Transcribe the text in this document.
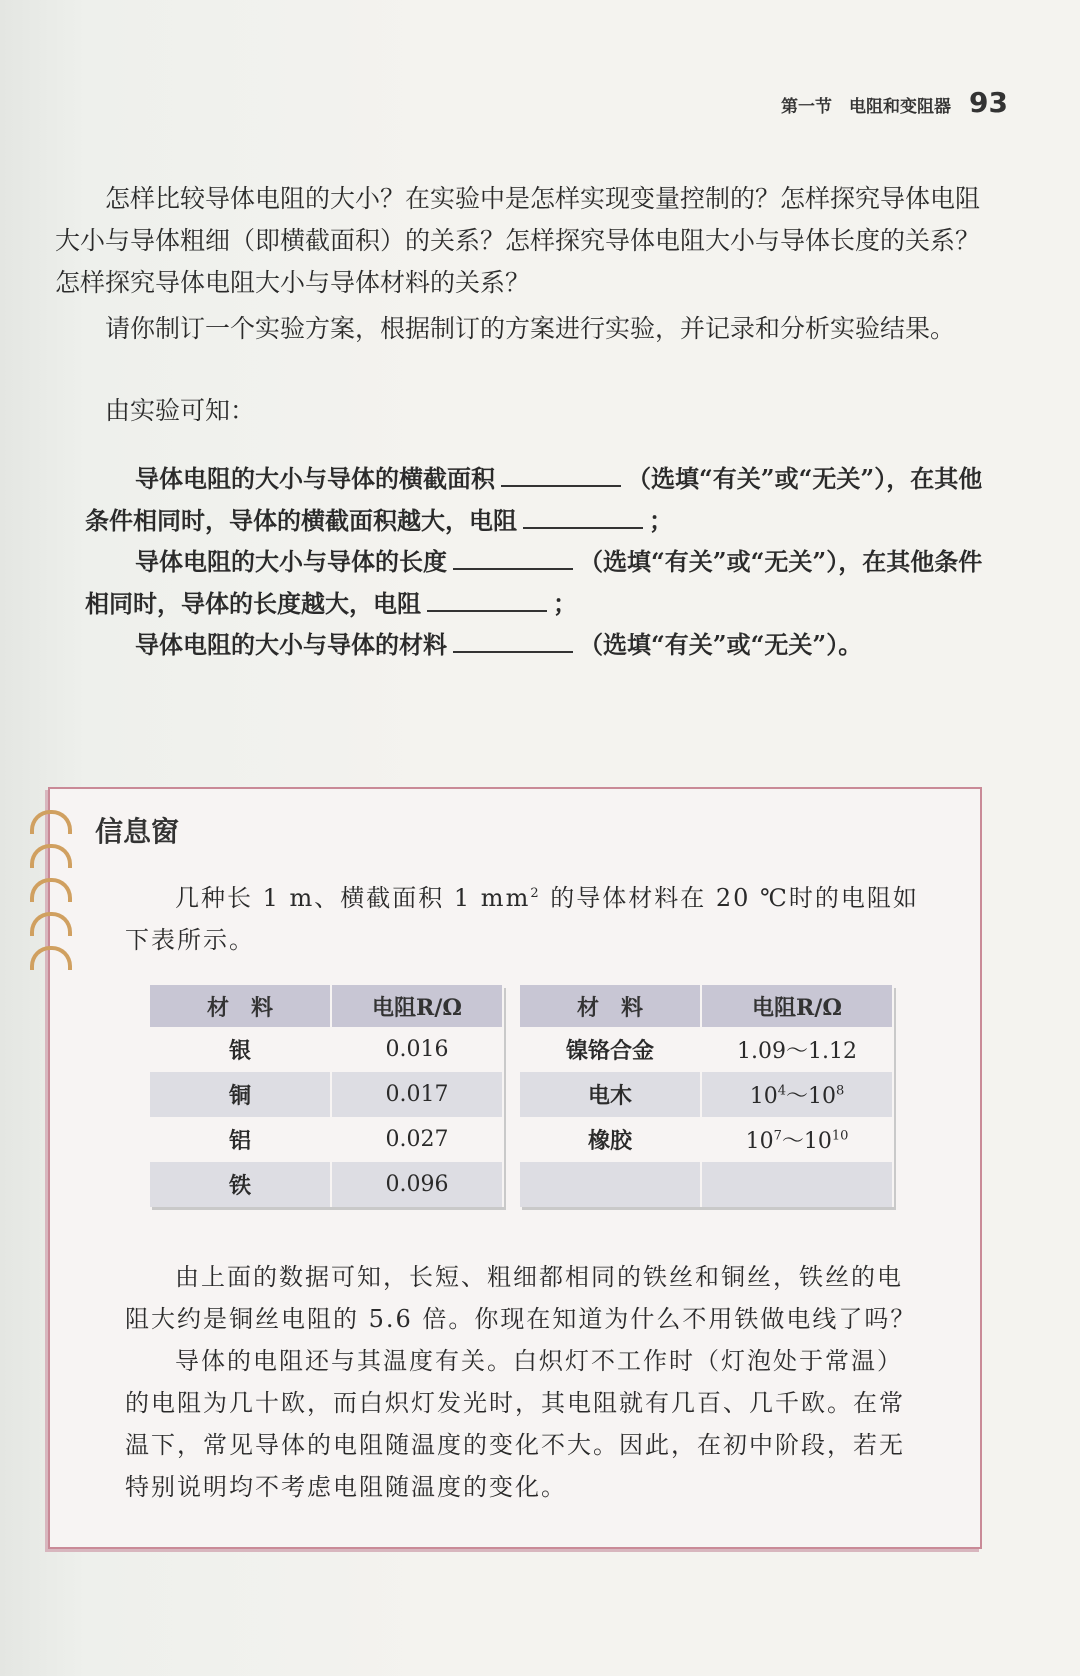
第一节　电阻和变阻器 93
怎样比较导体电阻的大小？在实验中是怎样实现变量控制的？怎样探究导体电阻大小与导体粗细（即横截面积）的关系？怎样探究导体电阻大小与导体长度的关系？怎样探究导体电阻大小与导体材料的关系？
请你制订一个实验方案，根据制订的方案进行实验，并记录和分析实验结果。
由实验可知：
导体电阻的大小与导体的横截面积	（选填“有关”或“无关”），在其他条件相同时，导体的横截面积越大，电阻	；
导体电阻的大小与导体的长度	（选填“有关”或“无关”），在其他条件相同时，导体的长度越大，电阻	；
导体电阻的大小与导体的材料	（选填“有关”或“无关”）。
信息窗
几种长 1 m、横截面积 1 $mm^2$ 的导体材料在 20 ℃时的电阻如下表所示。
材　料	电阻R/Ω
银	0.016
铜	0.017
铝	0.027
铁	0.096
材　料	电阻R/Ω
镍铬合金	1.09～1.12
电木	$10^4\sim 10^8$
橡胶	$10^7\sim 10^{10}$

由上面的数据可知，长短、粗细都相同的铁丝和铜丝，铁丝的电阻大约是铜丝电阻的 5.6 倍。你现在知道为什么不用铁做电线了吗？
导体的电阻还与其温度有关。白炽灯不工作时（灯泡处于常温）的电阻为几十欧，而白炽灯发光时，其电阻就有几百、几千欧。在常温下，常见导体的电阻随温度的变化不大。因此，在初中阶段，若无特别说明均不考虑电阻随温度的变化。
